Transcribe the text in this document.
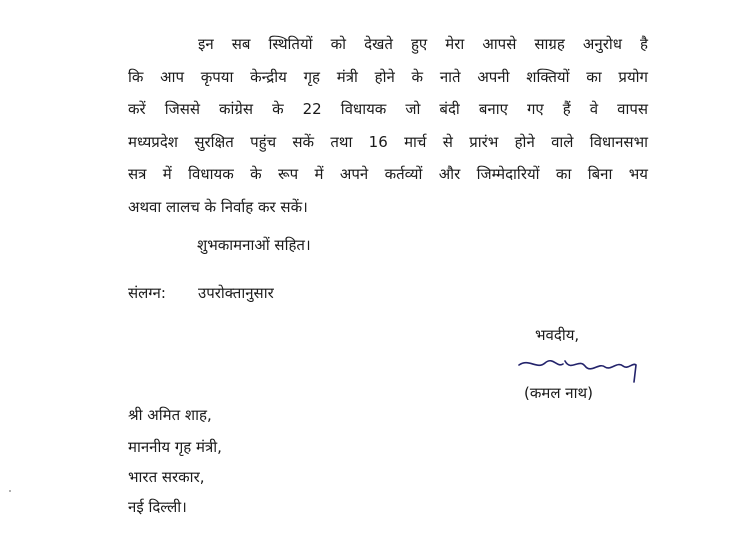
इन सब स्थितियों को देखते हुए मेरा आपसे साग्रह अनुरोध है
कि आप कृपया केन्द्रीय गृह मंत्री होने के नाते अपनी शक्तियों का प्रयोग
करें जिससे कांग्रेस के 22 विधायक जो बंदी बनाए गए हैं वे वापस
मध्यप्रदेश सुरक्षित पहुंच सकें तथा 16 मार्च से प्रारंभ होने वाले विधानसभा
सत्र में विधायक के रूप में अपने कर्तव्यों और जिम्मेदारियों का बिना भय
अथवा लालच के निर्वाह कर सकें।
शुभकामनाओं सहित।
संलग्न: उपरोक्तानुसार
भवदीय,
(कमल नाथ)
श्री अमित शाह,
माननीय गृह मंत्री,
भारत सरकार,
नई दिल्ली।
